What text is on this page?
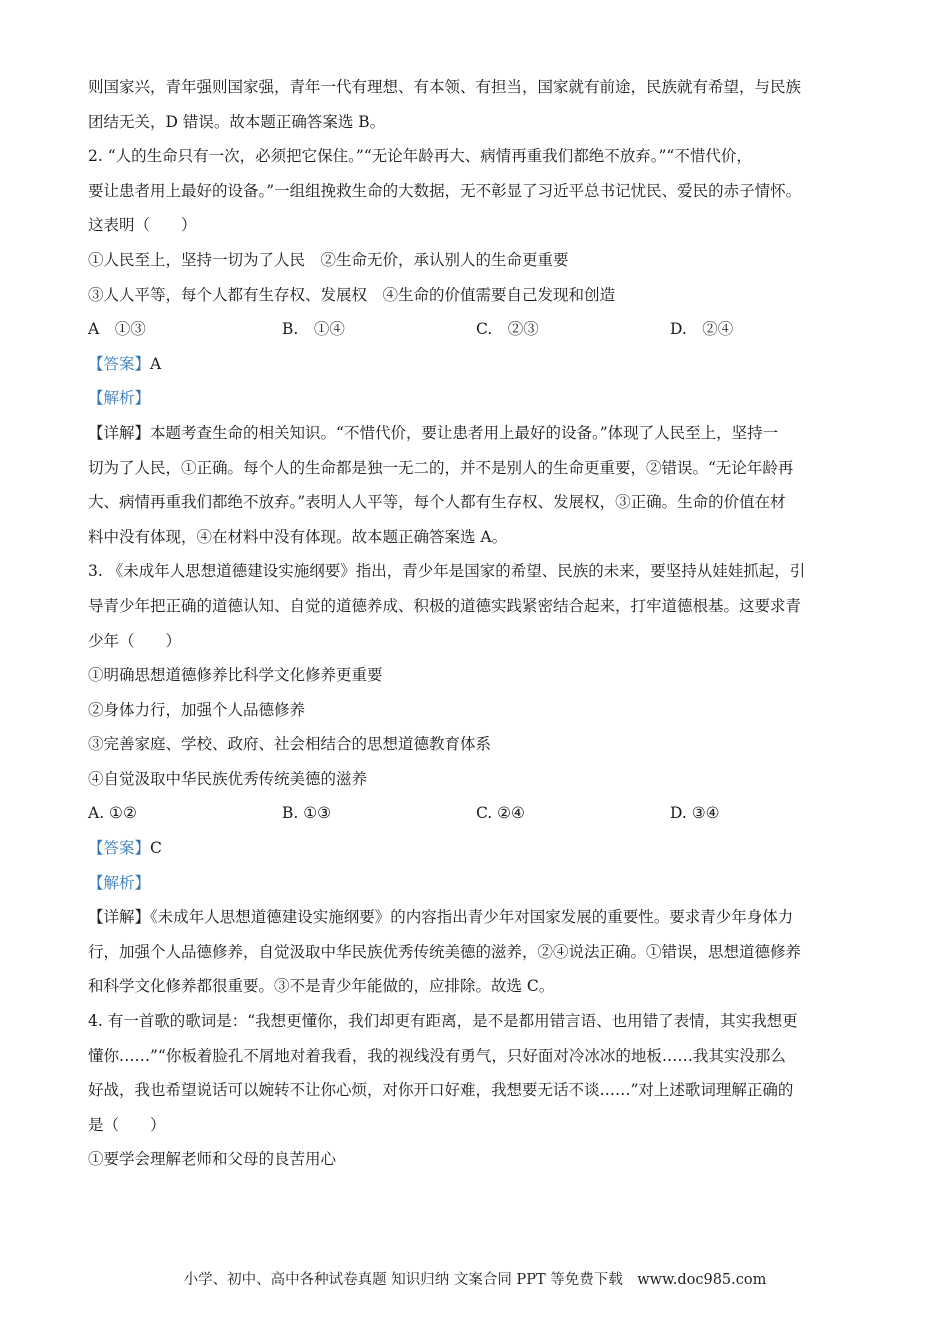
则国家兴，青年强则国家强，青年一代有理想、有本领、有担当，国家就有前途，民族就有希望，与民族
团结无关，D 错误。故本题正确答案选 B。
2. “人的生命只有一次，必须把它保住。”“无论年龄再大、病情再重我们都绝不放弃。”“不惜代价，
要让患者用上最好的设备。”一组组挽救生命的大数据，无不彰显了习近平总书记忧民、爱民的赤子情怀。
这表明（　　）
①人民至上，坚持一切为了人民　②生命无价，承认别人的生命更重要
③人人平等，每个人都有生存权、发展权　④生命的价值需要自己发现和创造
A　①③	B.　①④	C.　②③	D.　②④
【答案】A
【解析】
【详解】本题考查生命的相关知识。“不惜代价，要让患者用上最好的设备。”体现了人民至上，坚持一
切为了人民，①正确。每个人的生命都是独一无二的，并不是别人的生命更重要，②错误。“无论年龄再
大、病情再重我们都绝不放弃。”表明人人平等，每个人都有生存权、发展权，③正确。生命的价值在材
料中没有体现，④在材料中没有体现。故本题正确答案选 A。
3. 《未成年人思想道德建设实施纲要》指出，青少年是国家的希望、民族的未来，要坚持从娃娃抓起，引
导青少年把正确的道德认知、自觉的道德养成、积极的道德实践紧密结合起来，打牢道德根基。这要求青
少年（　　）
①明确思想道德修养比科学文化修养更重要
②身体力行，加强个人品德修养
③完善家庭、学校、政府、社会相结合的思想道德教育体系
④自觉汲取中华民族优秀传统美德的滋养
A. ①②	B. ①③	C. ②④	D. ③④
【答案】C
【解析】
【详解】《未成年人思想道德建设实施纲要》的内容指出青少年对国家发展的重要性。要求青少年身体力
行，加强个人品德修养，自觉汲取中华民族优秀传统美德的滋养，②④说法正确。①错误，思想道德修养
和科学文化修养都很重要。③不是青少年能做的，应排除。故选 C。
4. 有一首歌的歌词是：“我想更懂你，我们却更有距离，是不是都用错言语、也用错了表情，其实我想更
懂你……”“你板着脸孔不屑地对着我看，我的视线没有勇气，只好面对冷冰冰的地板……我其实没那么
好战，我也希望说话可以婉转不让你心烦，对你开口好难，我想要无话不谈……”对上述歌词理解正确的
是（　　）
①要学会理解老师和父母的良苦用心
小学、初中、高中各种试卷真题 知识归纳 文案合同 PPT 等免费下载　www.doc985.com
